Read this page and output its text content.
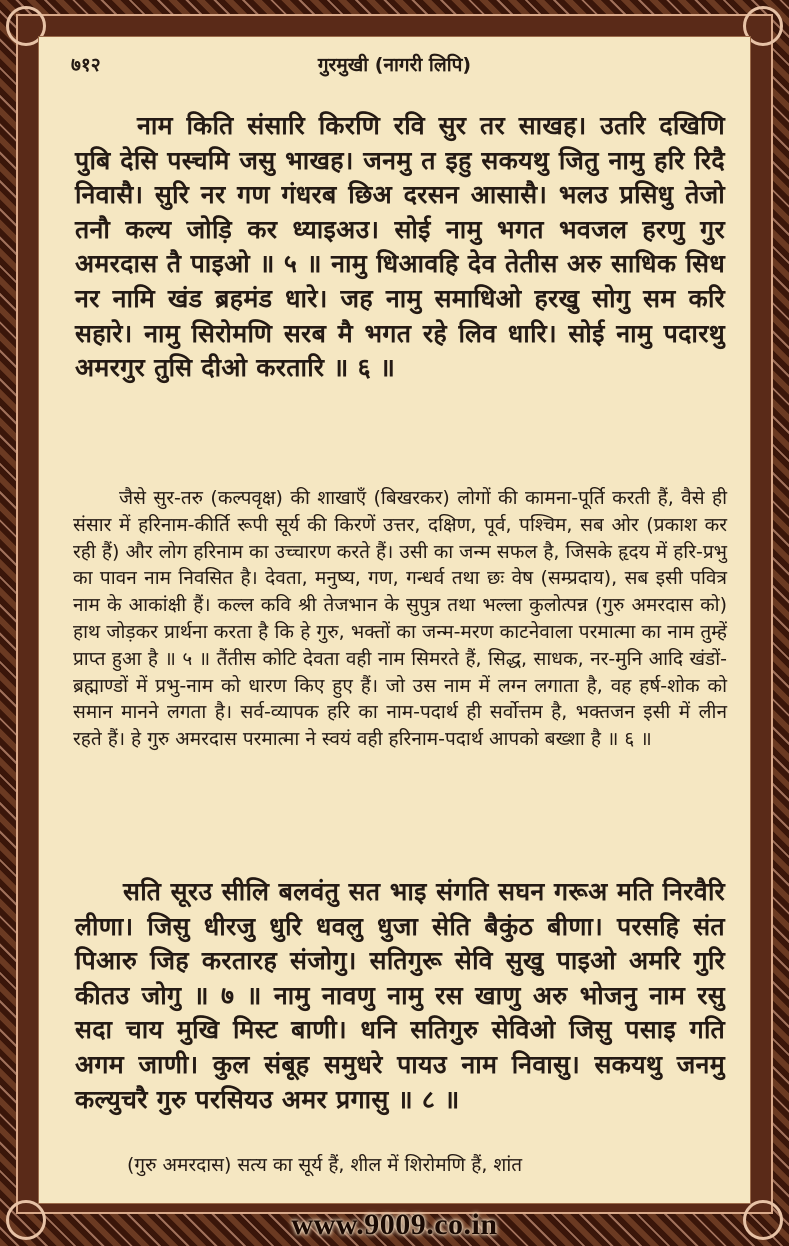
७१२	गुरमुखी (नागरी लिपि)
नाम किति संसारि किरणि रवि सुर तर साखह। उतरि दखिणि पुबि देसि पस्चमि जसु भाखह। जनमु त इहु सकयथु जितु नामु हरि रिदै निवासै। सुरि नर गण गंधरब छिअ दरसन आसासै। भलउ प्रसिधु तेजो तनौ कल्य जोड़ि कर ध्याइअउ। सोई नामु भगत भवजल हरणु गुर अमरदास तै पाइओ ॥ ५ ॥ नामु धिआवहि देव तेतीस अरु साधिक सिध नर नामि खंड ब्रहमंड धारे। जह नामु समाधिओ हरखु सोगु सम करि सहारे। नामु सिरोमणि सरब मै भगत रहे लिव धारि। सोई नामु पदारथु अमरगुर तुसि दीओ करतारि ॥ ६ ॥
जैसे सुर-तरु (कल्पवृक्ष) की शाखाएँ (बिखरकर) लोगों की कामना-पूर्ति करती हैं, वैसे ही संसार में हरिनाम-कीर्ति रूपी सूर्य की किरणें उत्तर, दक्षिण, पूर्व, पश्चिम, सब ओर (प्रकाश कर रही हैं) और लोग हरिनाम का उच्चारण करते हैं। उसी का जन्म सफल है, जिसके हृदय में हरि-प्रभु का पावन नाम निवसित है। देवता, मनुष्य, गण, गन्धर्व तथा छः वेष (सम्प्रदाय), सब इसी पवित्र नाम के आकांक्षी हैं। कल्ल कवि श्री तेजभान के सुपुत्र तथा भल्ला कुलोत्पन्न (गुरु अमरदास को) हाथ जोड़कर प्रार्थना करता है कि हे गुरु, भक्तों का जन्म-मरण काटनेवाला परमात्मा का नाम तुम्हें प्राप्त हुआ है ॥ ५ ॥ तैंतीस कोटि देवता वही नाम सिमरते हैं, सिद्ध, साधक, नर-मुनि आदि खंडों-ब्रह्माण्डों में प्रभु-नाम को धारण किए हुए हैं। जो उस नाम में लग्न लगाता है, वह हर्ष-शोक को समान मानने लगता है। सर्व-व्यापक हरि का नाम-पदार्थ ही सर्वोत्तम है, भक्तजन इसी में लीन रहते हैं। हे गुरु अमरदास परमात्मा ने स्वयं वही हरिनाम-पदार्थ आपको बख्शा है ॥ ६ ॥
सति सूरउ सीलि बलवंतु सत भाइ संगति सघन गरूअ मति निरवैरि लीणा। जिसु धीरजु धुरि धवलु धुजा सेति बैकुंठ बीणा। परसहि संत पिआरु जिह करतारह संजोगु। सतिगुरू सेवि सुखु पाइओ अमरि गुरि कीतउ जोगु ॥ ७ ॥ नामु नावणु नामु रस खाणु अरु भोजनु नाम रसु सदा चाय मुखि मिस्ट बाणी। धनि सतिगुरु सेविओ जिसु पसाइ गति अगम जाणी। कुल संबूह समुधरे पायउ नाम निवासु। सकयथु जनमु कल्युचरै गुरु परसियउ अमर प्रगासु ॥ ८ ॥
(गुरु अमरदास) सत्य का सूर्य हैं, शील में शिरोमणि हैं, शांत
www.9009.co.in
